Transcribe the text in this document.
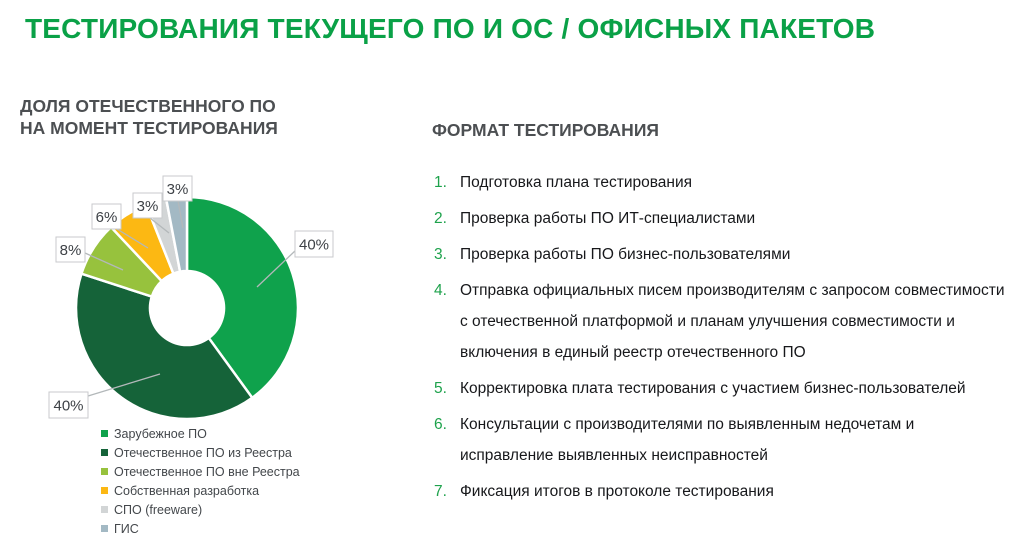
ТЕСТИРОВАНИЯ ТЕКУЩЕГО ПО И ОС / ОФИСНЫХ ПАКЕТОВ
ДОЛЯ ОТЕЧЕСТВЕННОГО ПО
НА МОМЕНТ ТЕСТИРОВАНИЯ
40%
40%
8%
6%
3%
3%
Зарубежное ПО
Отечественное ПО из Реестра
Отечественное ПО вне Реестра
Собственная разработка
СПО (freeware)
ГИС
ФОРМАТ ТЕСТИРОВАНИЯ
1. Подготовка плана тестирования
2. Проверка работы ПО ИТ-специалистами
3. Проверка работы ПО бизнес-пользователями
4. Отправка официальных писем производителям с запросом совместимости
с отечественной платформой и планам улучшения совместимости и
включения в единый реестр отечественного ПО
5. Корректировка плата тестирования с участием бизнес-пользователей
6. Консультации с производителями по выявленным недочетам и
исправление выявленных неисправностей
7. Фиксация итогов в протоколе тестирования
